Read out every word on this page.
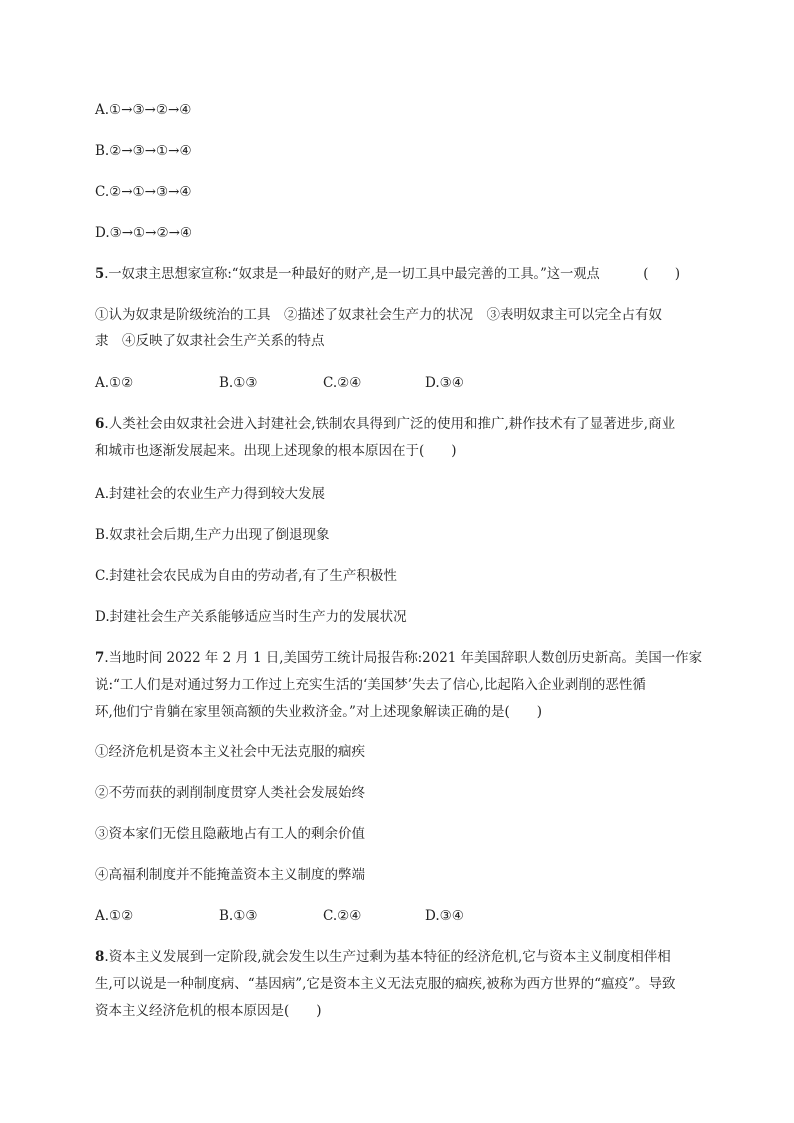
A.①→③→②→④
B.②→③→①→④
C.②→①→③→④
D.③→①→②→④
5.一奴隶主思想家宣称:“奴隶是一种最好的财产,是一切工具中最完善的工具。”这一观点	(　　)
①认为奴隶是阶级统治的工具　②描述了奴隶社会生产力的状况　③表明奴隶主可以完全占有奴
隶　④反映了奴隶社会生产关系的特点
A.①②	B.①③	C.②④	D.③④
6.人类社会由奴隶社会进入封建社会,铁制农具得到广泛的使用和推广,耕作技术有了显著进步,商业
和城市也逐渐发展起来。出现上述现象的根本原因在于(　　)
A.封建社会的农业生产力得到较大发展
B.奴隶社会后期,生产力出现了倒退现象
C.封建社会农民成为自由的劳动者,有了生产积极性
D.封建社会生产关系能够适应当时生产力的发展状况
7.当地时间 2022 年 2 月 1 日,美国劳工统计局报告称:2021 年美国辞职人数创历史新高。美国一作家
说:“工人们是对通过努力工作过上充实生活的‘美国梦’失去了信心,比起陷入企业剥削的恶性循
环,他们宁肯躺在家里领高额的失业救济金。”对上述现象解读正确的是(　　)
①经济危机是资本主义社会中无法克服的痼疾
②不劳而获的剥削制度贯穿人类社会发展始终
③资本家们无偿且隐蔽地占有工人的剩余价值
④高福利制度并不能掩盖资本主义制度的弊端
A.①②	B.①③	C.②④	D.③④
8.资本主义发展到一定阶段,就会发生以生产过剩为基本特征的经济危机,它与资本主义制度相伴相
生,可以说是一种制度病、“基因病”,它是资本主义无法克服的痼疾,被称为西方世界的“瘟疫”。导致
资本主义经济危机的根本原因是(　　)
